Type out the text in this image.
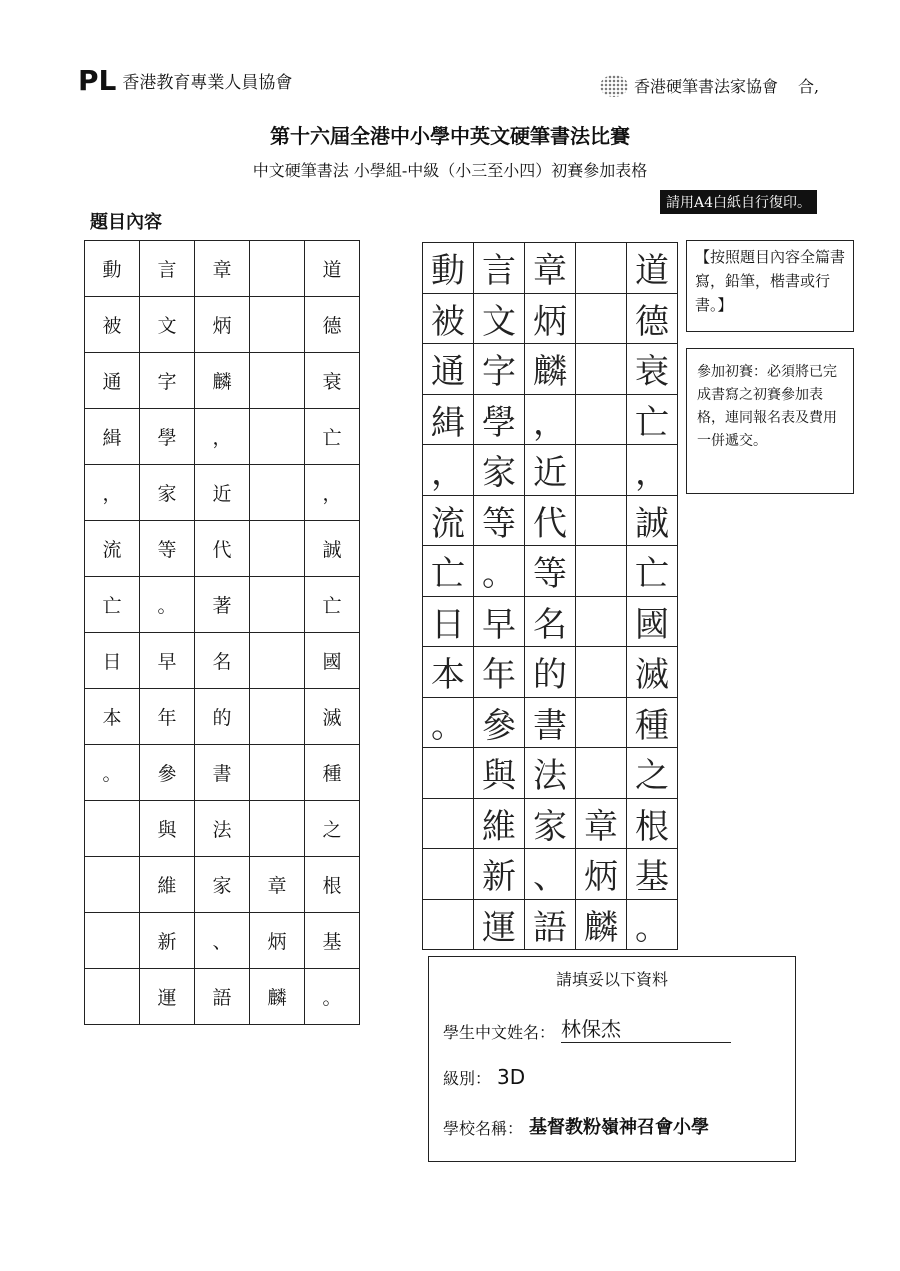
PL 香港教育專業人員協會	香港硬筆書法家協會 合,
第十六屆全港中小學中英文硬筆書法比賽
中文硬筆書法 小學組-中級（小三至小四）初賽參加表格
請用A4白紙自行復印。
題目內容
動	言	章		道
被	文	炳		德
通	字	麟		衰
緝	學	，		亡
，	家	近		，
流	等	代		誠
亡	。	著		亡
日	早	名		國
本	年	的		滅
。	參	書		種
	與	法		之
	維	家	章	根
	新	、	炳	基
	運	語	麟	。
動	言	章		道
被	文	炳		德
通	字	麟		衰
緝	學	，		亡
，	家	近		，
流	等	代		誠
亡	。	等		亡
日	早	名		國
本	年	的		滅
。	參	書		種
	與	法		之
	維	家	章	根
	新	、	炳	基
	運	語	麟	。
【按照題目內容全篇書寫，鉛筆，楷書或行書。】
參加初賽：必須將已完成書寫之初賽參加表格，連同報名表及費用一併遞交。
請填妥以下資料
學生中文姓名： 林保杰
級別： 3D
學校名稱： 基督教粉嶺神召會小學
